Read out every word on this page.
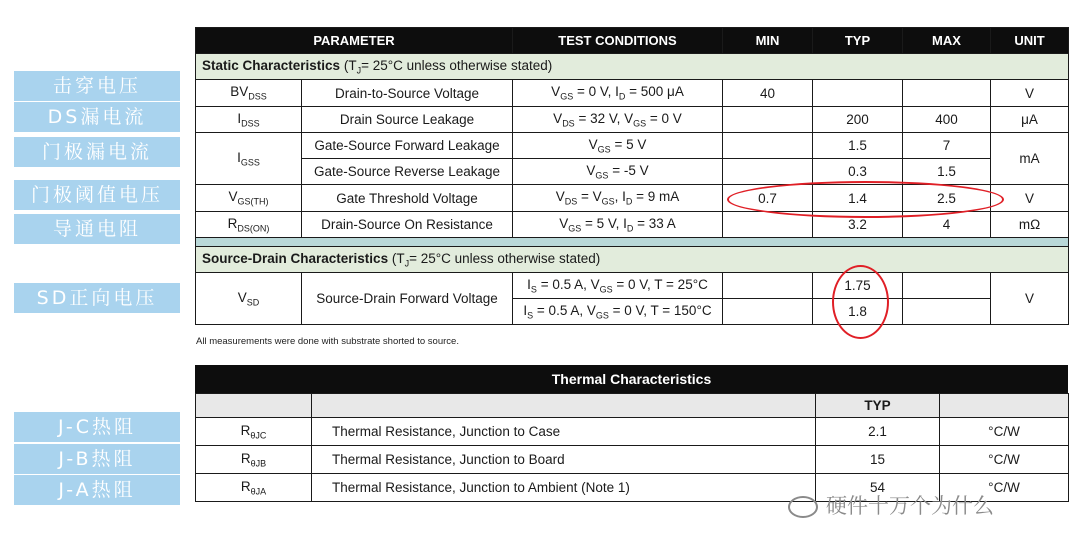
击穿电压
DS漏电流
门极漏电流
门极阈值电压
导通电阻
SD正向电压
J-C热阻
J-B热阻
J-A热阻
PARAMETER		TEST CONDITIONS	MIN	TYP	MAX	UNIT
Static Characteristics ($T_J= 25^\circ C$ unless otherwise stated)						
$BV_{DSS}$	Drain-to-Source Voltage	$V_{GS} = 0$ V, $I_D = 500$ μA	40			V
$I_{DSS}$	Drain Source Leakage	$V_{DS} = 32$ V, $V_{GS} = 0$ V		200	400	μA
$I_{GSS}$	Gate-Source Forward Leakage	$V_{GS} = 5$ V		1.5	7	mA
	Gate-Source Reverse Leakage	$V_{GS} = -5$ V		0.3	1.5	
$V_{GS(TH)}$	Gate Threshold Voltage	$V_{DS} = V_{GS}$, $I_D = 9$ mA	0.7	1.4	2.5	V
$R_{DS(ON)}$	Drain-Source On Resistance	$V_{GS} = 5$ V, $I_D = 33$ A		3.2	4	mΩ

Source-Drain Characteristics ($T_J= 25^\circ C$ unless otherwise stated)						
$V_{SD}$	Source-Drain Forward Voltage	$I_S = 0.5$ A, $V_{GS} = 0$ V, T = 25°C		1.75		V
		$I_S = 0.5$ A, $V_{GS} = 0$ V, T = 150°C		1.8		
All measurements were done with substrate shorted to source.
Thermal Characteristics
		TYP	
$R_{\theta JC}$	Thermal Resistance, Junction to Case	2.1	°C/W
$R_{\theta JB}$	Thermal Resistance, Junction to Board	15	°C/W
$R_{\theta JA}$	Thermal Resistance, Junction to Ambient (Note 1)	54	°C/W
硬件十万个为什么
